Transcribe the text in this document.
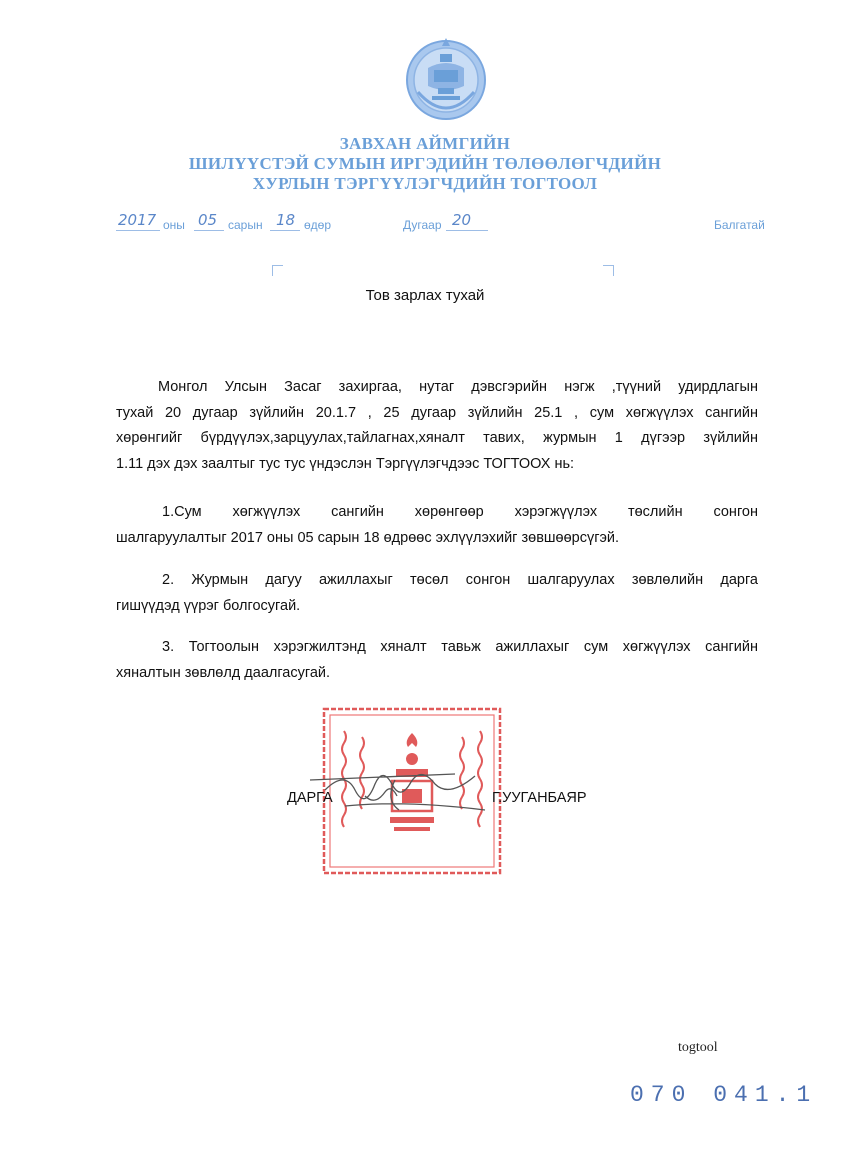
ЗАВХАН АЙМГИЙН
ШИЛҮҮСТЭЙ СУМЫН ИРГЭДИЙН ТӨЛӨӨЛӨГЧДИЙН
ХУРЛЫН ТЭРГҮҮЛЭГЧДИЙН ТОГТООЛ
2017 оны 05 сарын 18 өдөр	Дугаар 20	Балгатай
Тов зарлах тухай
Монгол Улсын Засаг захиргаа, нутаг дэвсгэрийн нэгж ,түүний удирдлагын
тухай 20 дугаар зүйлийн 20.1.7 , 25 дугаар зүйлийн 25.1 , сум хөгжүүлэх сангийн
хөрөнгийг бүрдүүлэх,зарцуулах,тайлагнах,хяналт тавих, журмын 1 дүгээр зүйлийн
1.11 дэх дэх заалтыг тус тус үндэслэн Тэргүүлэгчдээс ТОГТООХ нь:
1.Сум хөгжүүлэх сангийн хөрөнгөөр хэрэгжүүлэх төслийн сонгон
шалгаруулалтыг 2017 оны 05 сарын 18 өдрөөс эхлүүлэхийг зөвшөөрсүгэй.
2. Журмын дагуу ажиллахыг төсөл сонгон шалгаруулах зөвлөлийн дарга
гишүүдэд үүрэг болгосугай.
3. Тогтоолын хэрэгжилтэнд хяналт тавьж ажиллахыг сум хөгжүүлэх сангийн
хяналтын зөвлөлд даалгасугай.
ДАРГА	Г.УУГАНБАЯР
togtool
070 041.1
